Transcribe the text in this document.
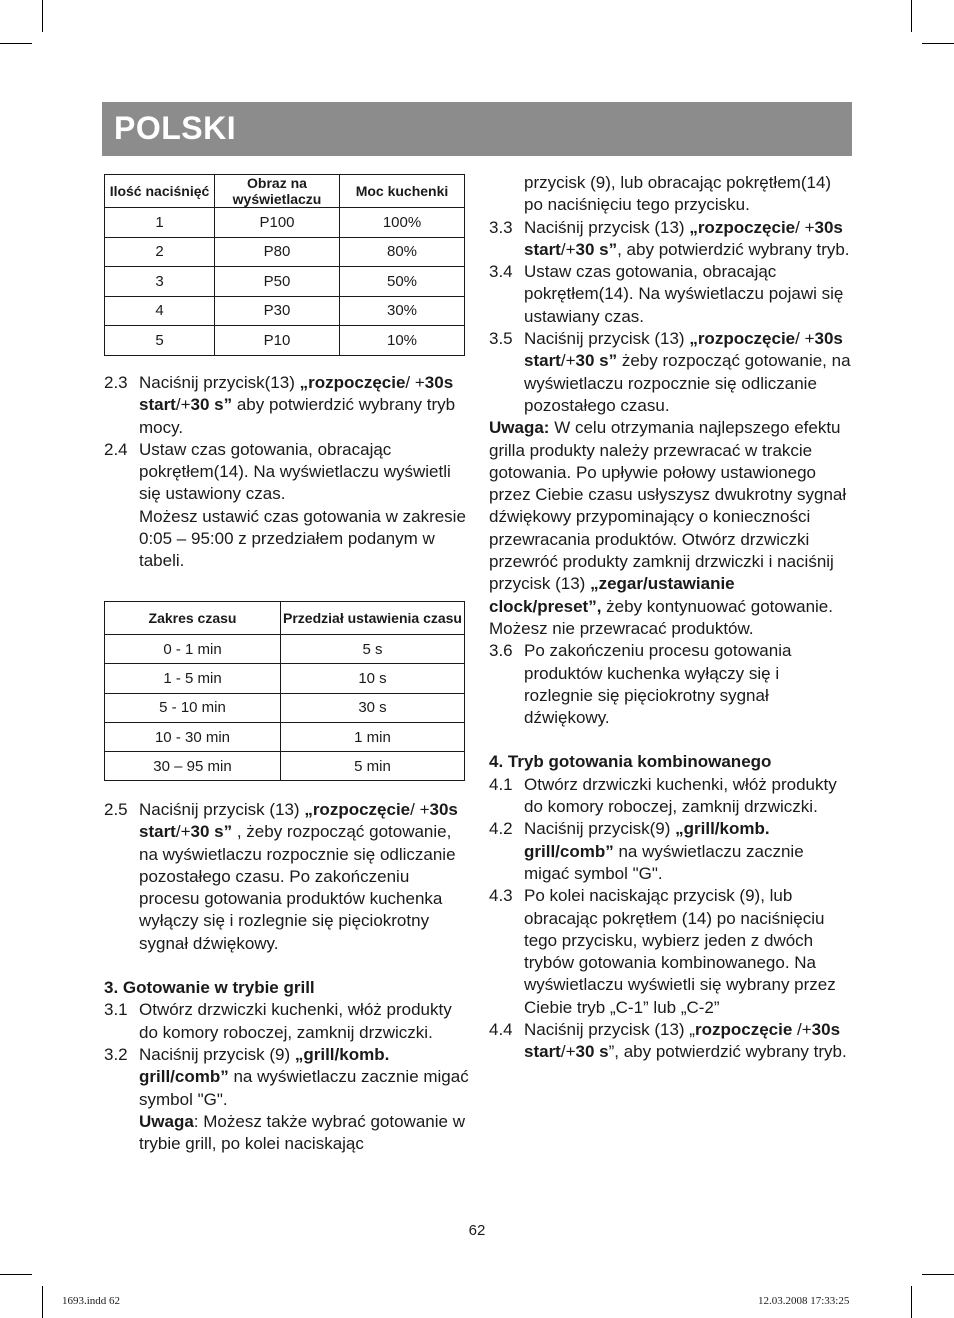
POLSKI
Ilość naciśnięć	Obraz na wyświetlaczu	Moc kuchenki
1	P100	100%
2	P80	80%
3	P50	50%
4	P30	30%
5	P10	10%
2.3 Naciśnij przycisk(13) „rozpoczęcie/ +30s start/+30 s” aby potwierdzić wybrany tryb mocy.
2.4 Ustaw czas gotowania, obracając pokrętłem(14). Na wyświetlaczu wyświetli się ustawiony czas.

Możesz ustawić czas gotowania w zakresie 0:05 – 95:00 z przedziałem podanym w tabeli.

Zakres czasu	Przedział ustawienia czasu
0 - 1 min	5 s
1 - 5 min	10 s
5 - 10 min	30 s
10 - 30 min	1 min
30 – 95 min	5 min
2.5 Naciśnij przycisk (13) „rozpoczęcie/ +30s start/+30 s” , żeby rozpocząć gotowanie, na wyświetlaczu rozpocznie się odliczanie pozostałego czasu. Po zakończeniu procesu gotowania produktów kuchenka wyłączy się i rozlegnie się pięciokrotny sygnał dźwiękowy.
3. Gotowanie w trybie grill
3.1 Otwórz drzwiczki kuchenki, włóż produkty do komory roboczej, zamknij drzwiczki.
3.2 Naciśnij przycisk (9) „grill/komb. grill/comb” na wyświetlaczu zacznie migać symbol "G".
Uwaga: Możesz także wybrać gotowanie w trybie grill, po kolei naciskając
przycisk (9), lub obracając pokrętłem(14) po naciśnięciu tego przycisku.
3.3 Naciśnij przycisk (13) „rozpoczęcie/ +30s start/+30 s”, aby potwierdzić wybrany tryb.
3.4 Ustaw czas gotowania, obracając pokrętłem(14). Na wyświetlaczu pojawi się ustawiany czas.
3.5 Naciśnij przycisk (13) „rozpoczęcie/ +30s start/+30 s” żeby rozpocząć gotowanie, na wyświetlaczu rozpocznie się odliczanie pozostałego czasu.
Uwaga: W celu otrzymania najlepszego efektu grilla produkty należy przewracać w trakcie gotowania. Po upływie połowy ustawionego przez Ciebie czasu usłyszysz dwukrotny sygnał dźwiękowy przypominający o konieczności przewracania produktów. Otwórz drzwiczki przewróć produkty zamknij drzwiczki i naciśnij przycisk (13) „zegar/ustawianie clock/preset”, żeby kontynuować gotowanie. Możesz nie przewracać produktów.
3.6 Po zakończeniu procesu gotowania produktów kuchenka wyłączy się i rozlegnie się pięciokrotny sygnał dźwiękowy.
4. Tryb gotowania kombinowanego
4.1 Otwórz drzwiczki kuchenki, włóż produkty do komory roboczej, zamknij drzwiczki.
4.2 Naciśnij przycisk(9) „grill/komb. grill/comb” na wyświetlaczu zacznie migać symbol "G".
4.3 Po kolei naciskając przycisk (9), lub obracając pokrętłem (14) po naciśnięciu tego przycisku, wybierz jeden z dwóch trybów gotowania kombinowanego. Na wyświetlaczu wyświetli się wybrany przez Ciebie tryb „C-1” lub „C-2”
4.4 Naciśnij przycisk (13) „rozpoczęcie /+30s start/+30 s”, aby potwierdzić wybrany tryb.
62
1693.indd 62	12.03.2008 17:33:25
